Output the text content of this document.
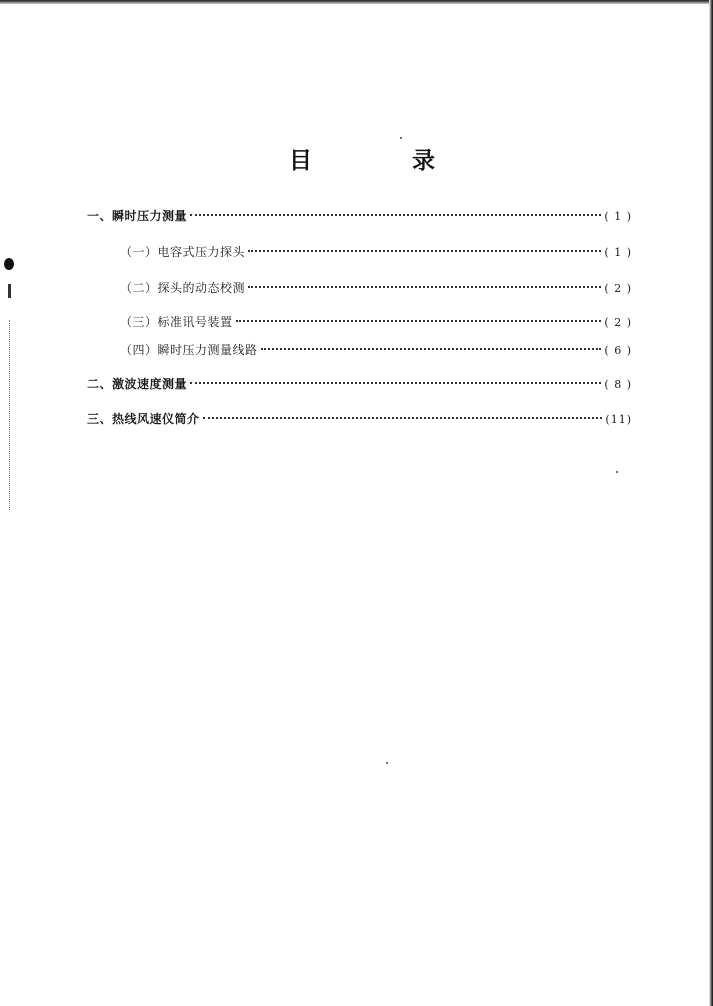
目	录
一、瞬时压力测量	( 1 )
（一）电容式压力探头	( 1 )
（二）探头的动态校测	( 2 )
（三）标准讯号装置	( 2 )
（四）瞬时压力测量线路	( 6 )
二、激波速度测量	( 8 )
三、热线风速仪简介	(11)
